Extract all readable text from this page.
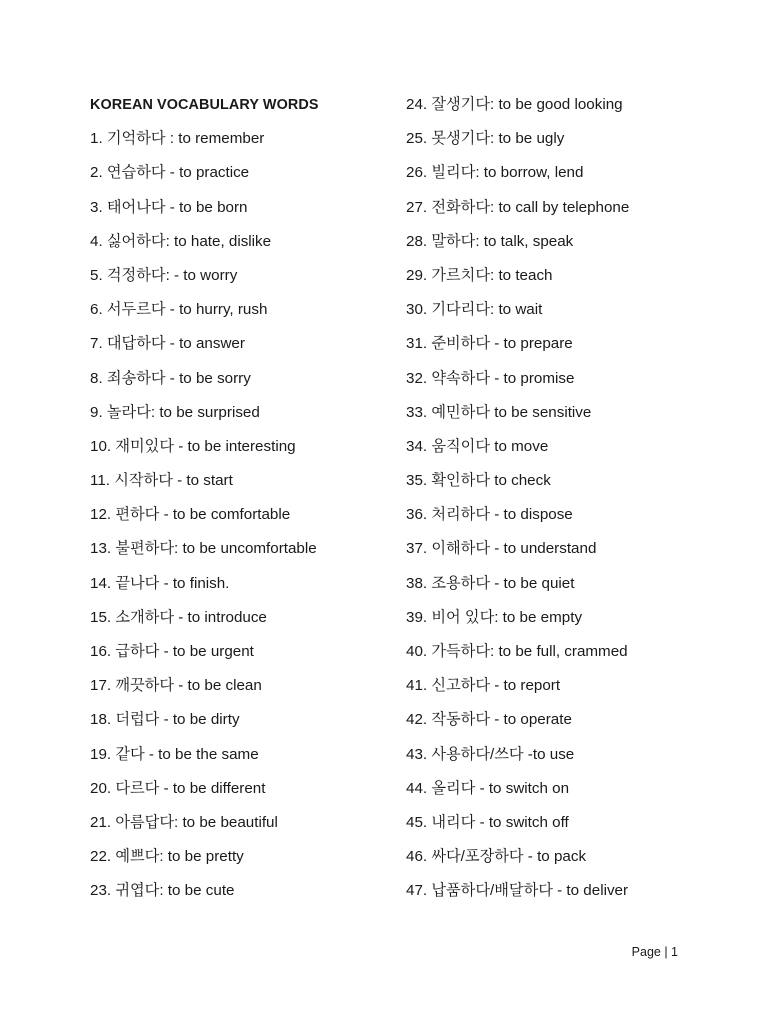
KOREAN VOCABULARY WORDS
1. 기억하다 : to remember
2. 연습하다 - to practice
3. 태어나다 - to be born
4. 싫어하다: to hate, dislike
5. 걱정하다: - to worry
6. 서두르다 - to hurry, rush
7. 대답하다 - to answer
8. 죄송하다 - to be sorry
9. 놀라다: to be surprised
10. 재미있다 - to be interesting
11. 시작하다 - to start
12. 편하다 - to be comfortable
13. 불편하다: to be uncomfortable
14. 끝나다 - to finish.
15. 소개하다 - to introduce
16. 급하다 - to be urgent
17. 깨끗하다 - to be clean
18. 더럽다 - to be dirty
19. 같다 - to be the same
20. 다르다 - to be different
21. 아름답다: to be beautiful
22. 예쁘다: to be pretty
23. 귀엽다: to be cute
24. 잘생기다: to be good looking
25. 못생기다: to be ugly
26. 빌리다: to borrow, lend
27. 전화하다: to call by telephone
28. 말하다: to talk, speak
29. 가르치다: to teach
30. 기다리다: to wait
31. 준비하다 - to prepare
32. 약속하다 - to promise
33. 예민하다 to be sensitive
34. 움직이다 to move
35. 확인하다 to check
36. 처리하다 - to dispose
37. 이해하다 - to understand
38. 조용하다 - to be quiet
39. 비어 있다: to be empty
40. 가득하다: to be full, crammed
41. 신고하다 - to report
42. 작동하다 - to operate
43. 사용하다/쓰다 -to use
44. 올리다 - to switch on
45. 내리다 - to switch off
46. 싸다/포장하다 - to pack
47. 납품하다/배달하다 - to deliver
Page | 1
